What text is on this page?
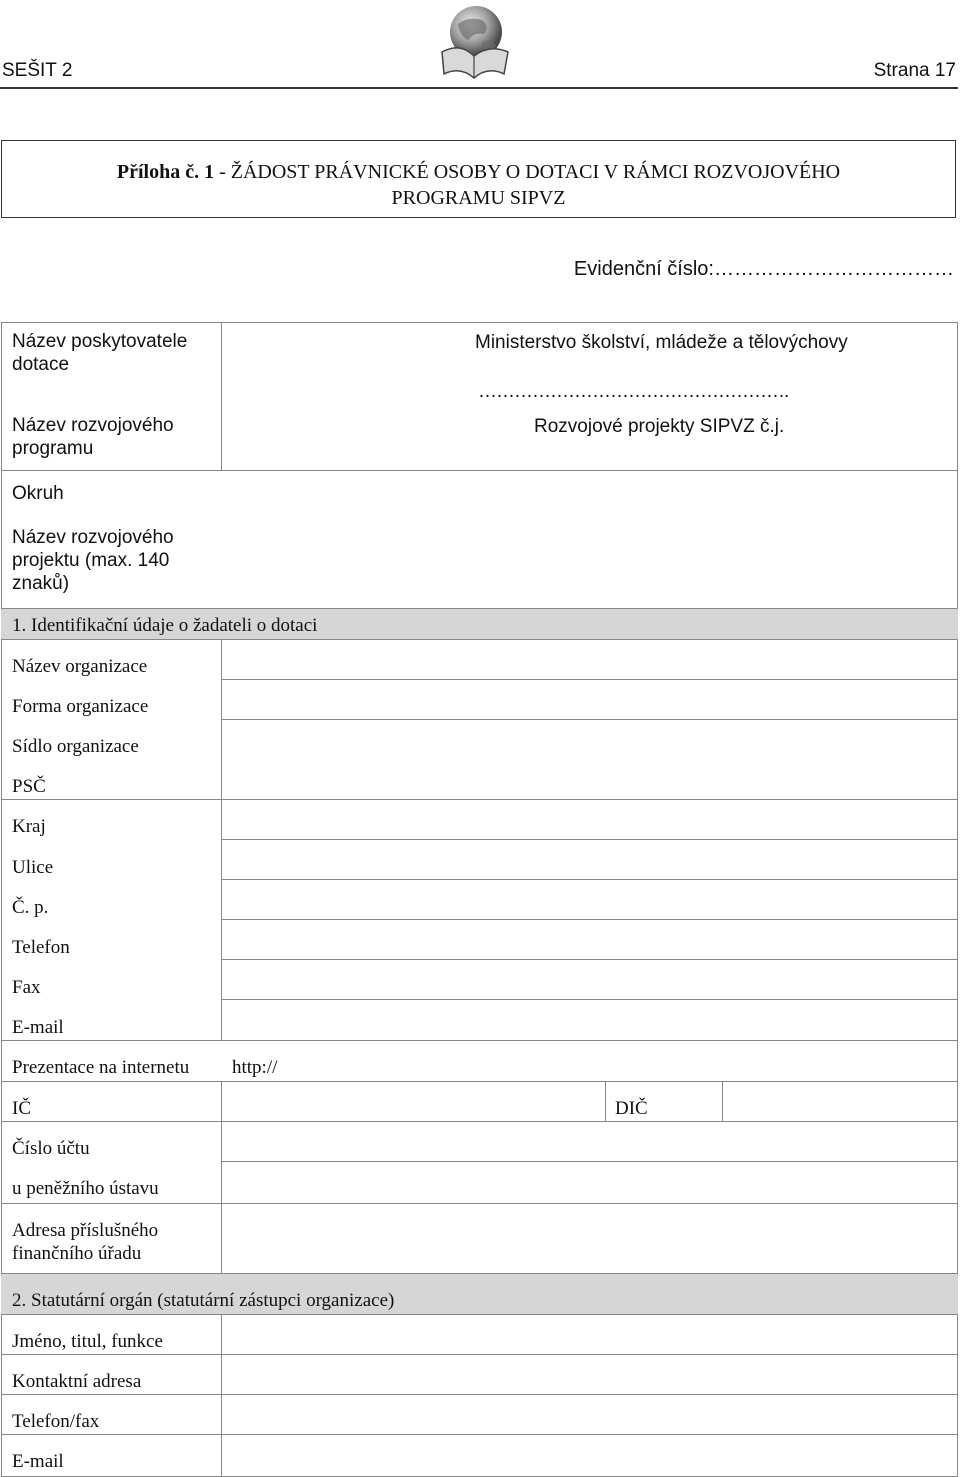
SEŠIT 2	Strana 17
Příloha č. 1 - ŽÁDOST PRÁVNICKÉ OSOBY O DOTACI V RÁMCI ROZVOJOVÉHO
PROGRAMU SIPVZ
Evidenční číslo:………………………………
Název poskytovatele dotace
Název rozvojového programu
Okruh
Název rozvojového projektu (max. 140 znaků)
Ministerstvo školství, mládeže a tělovýchovy
…………………………………………….
Rozvojové projekty SIPVZ č.j.
1. Identifikační údaje o žadateli o dotaci
Název organizace
Forma organizace
Sídlo organizace
PSČ
Kraj
Ulice
Č. p.
Telefon
Fax
E-mail
Prezentace na internetu http://
IČ	DIČ
Číslo účtu
u peněžního ústavu
Adresa příslušného finančního úřadu
2. Statutární orgán (statutární zástupci organizace)
Jméno, titul, funkce
Kontaktní adresa
Telefon/fax
E-mail
